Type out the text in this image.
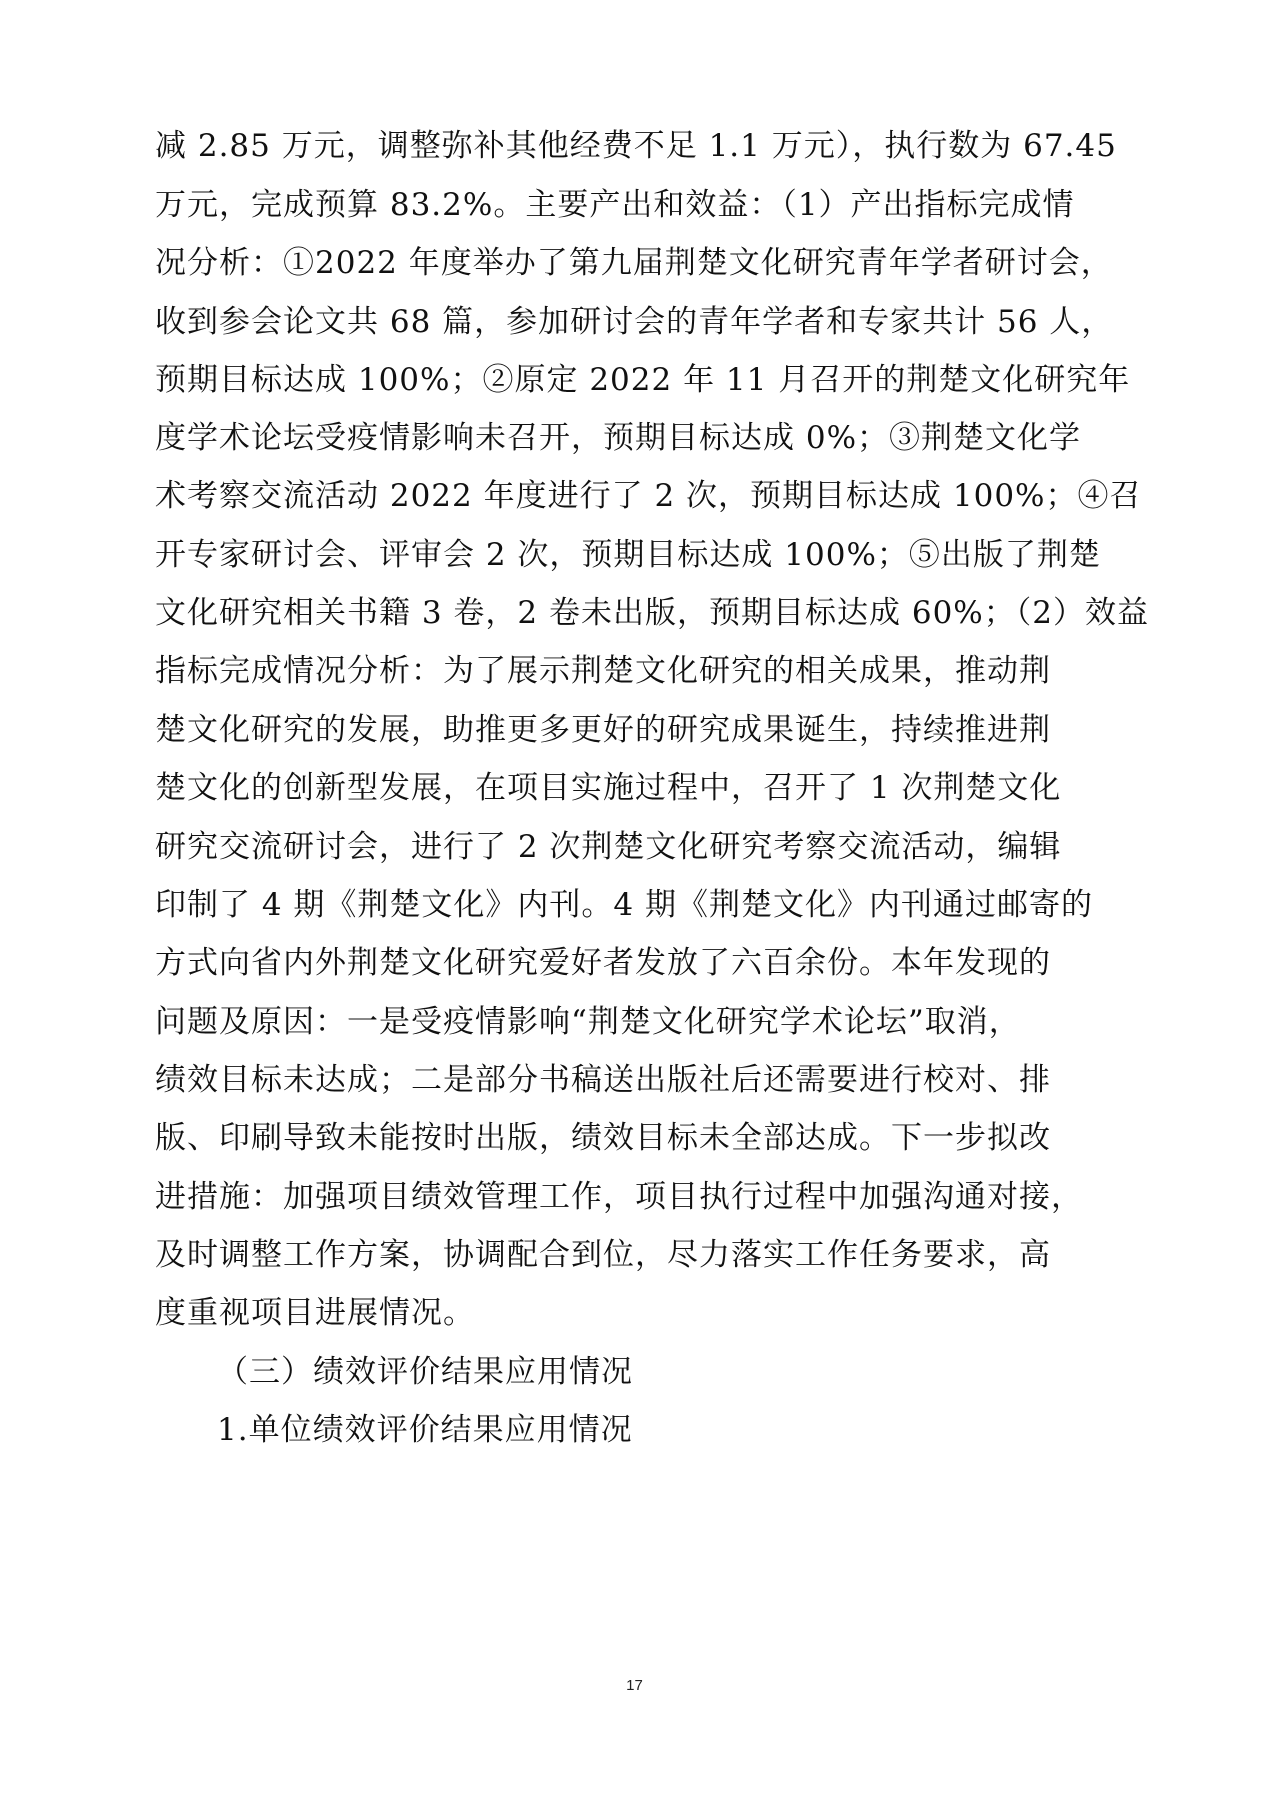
减 2.85 万元，调整弥补其他经费不足 1.1 万元），执行数为 67.45
万元，完成预算 83.2%。主要产出和效益：（1）产出指标完成情
况分析：①2022 年度举办了第九届荆楚文化研究青年学者研讨会，
收到参会论文共 68 篇，参加研讨会的青年学者和专家共计 56 人，
预期目标达成 100%；②原定 2022 年 11 月召开的荆楚文化研究年
度学术论坛受疫情影响未召开，预期目标达成 0%；③荆楚文化学
术考察交流活动 2022 年度进行了 2 次，预期目标达成 100%；④召
开专家研讨会、评审会 2 次，预期目标达成 100%；⑤出版了荆楚
文化研究相关书籍 3 卷，2 卷未出版，预期目标达成 60%；（2）效益
指标完成情况分析：为了展示荆楚文化研究的相关成果，推动荆
楚文化研究的发展，助推更多更好的研究成果诞生，持续推进荆
楚文化的创新型发展，在项目实施过程中，召开了 1 次荆楚文化
研究交流研讨会，进行了 2 次荆楚文化研究考察交流活动，编辑
印制了 4 期《荆楚文化》内刊。4 期《荆楚文化》内刊通过邮寄的
方式向省内外荆楚文化研究爱好者发放了六百余份。本年发现的
问题及原因：一是受疫情影响“荆楚文化研究学术论坛”取消，
绩效目标未达成；二是部分书稿送出版社后还需要进行校对、排
版、印刷导致未能按时出版，绩效目标未全部达成。下一步拟改
进措施：加强项目绩效管理工作，项目执行过程中加强沟通对接，
及时调整工作方案，协调配合到位，尽力落实工作任务要求，高
度重视项目进展情况。
（三）绩效评价结果应用情况
1.单位绩效评价结果应用情况
17
